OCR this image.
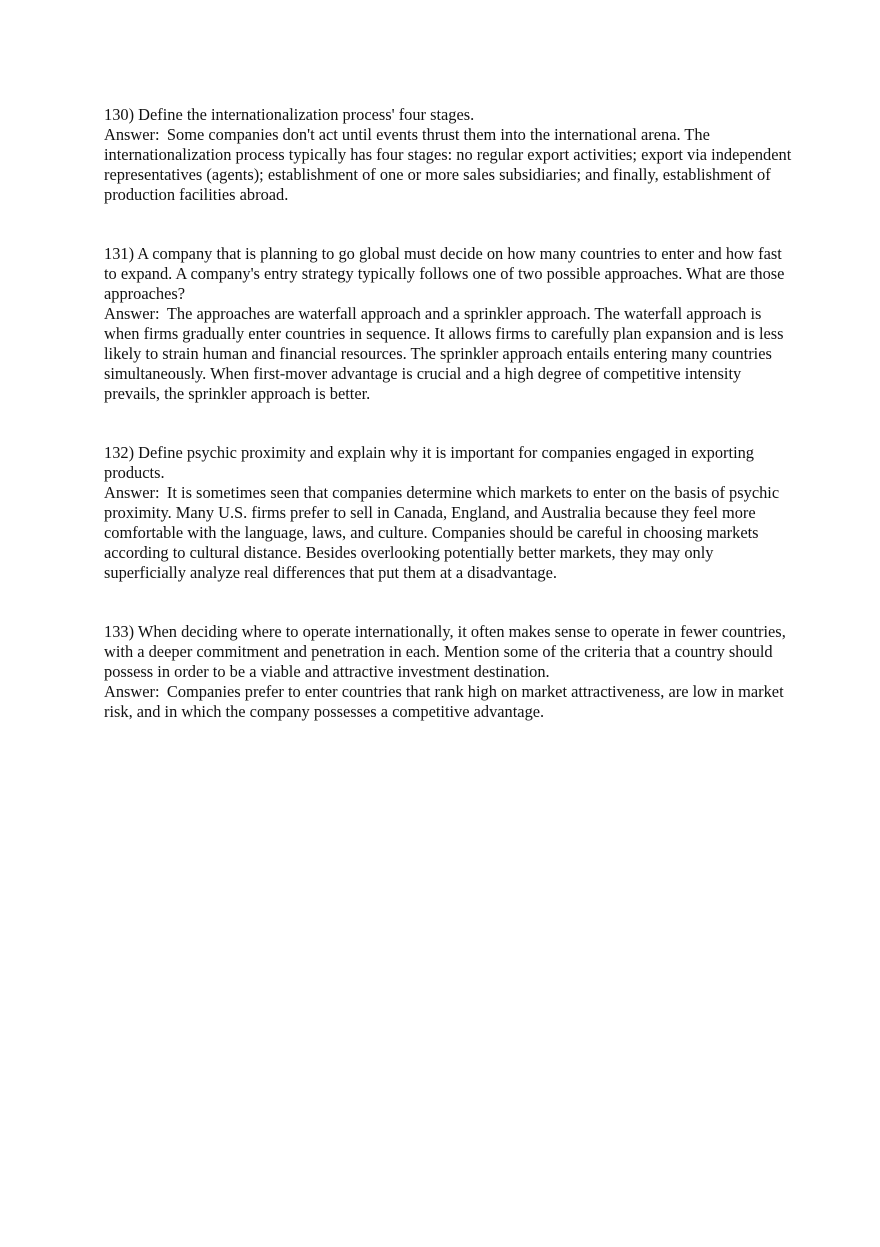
130) Define the internationalization process' four stages.

Answer: Some companies don't act until events thrust them into the international arena. The internationalization process typically has four stages: no regular export activities; export via independent representatives (agents); establishment of one or more sales subsidiaries; and finally, establishment of production facilities abroad.

131) A company that is planning to go global must decide on how many countries to enter and how fast to expand. A company's entry strategy typically follows one of two possible approaches. What are those approaches?

Answer: The approaches are waterfall approach and a sprinkler approach. The waterfall approach is when firms gradually enter countries in sequence. It allows firms to carefully plan expansion and is less likely to strain human and financial resources. The sprinkler approach entails entering many countries simultaneously. When first-mover advantage is crucial and a high degree of competitive intensity prevails, the sprinkler approach is better.

132) Define psychic proximity and explain why it is important for companies engaged in exporting products.

Answer: It is sometimes seen that companies determine which markets to enter on the basis of psychic proximity. Many U.S. firms prefer to sell in Canada, England, and Australia because they feel more comfortable with the language, laws, and culture. Companies should be careful in choosing markets according to cultural distance. Besides overlooking potentially better markets, they may only superficially analyze real differences that put them at a disadvantage.

133) When deciding where to operate internationally, it often makes sense to operate in fewer countries, with a deeper commitment and penetration in each. Mention some of the criteria that a country should possess in order to be a viable and attractive investment destination.

Answer: Companies prefer to enter countries that rank high on market attractiveness, are low in market risk, and in which the company possesses a competitive advantage.
